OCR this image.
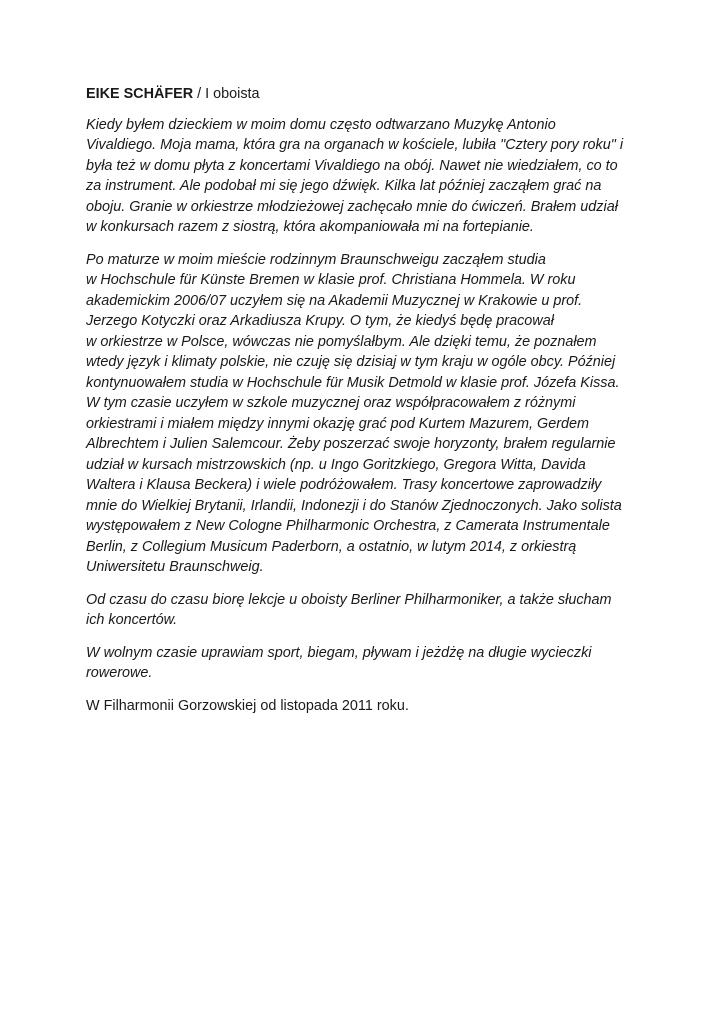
EIKE SCHÄFER / I oboista

Kiedy byłem dzieckiem w moim domu często odtwarzano Muzykę Antonio
Vivaldiego. Moja mama, która gra na organach w kościele, lubiła "Cztery pory roku" i
była też w domu płyta z koncertami Vivaldiego na obój. Nawet nie wiedziałem, co to
za instrument. Ale podobał mi się jego dźwięk. Kilka lat później zacząłem grać na
oboju. Granie w orkiestrze młodzieżowej zachęcało mnie do ćwiczeń. Brałem udział
w konkursach razem z siostrą, która akompaniowała mi na fortepianie.

Po maturze w moim mieście rodzinnym Braunschweigu zacząłem studia
w Hochschule für Künste Bremen w klasie prof. Christiana Hommela. W roku
akademickim 2006/07 uczyłem się na Akademii Muzycznej w Krakowie u prof.
Jerzego Kotyczki oraz Arkadiusza Krupy. O tym, że kiedyś będę pracował
w orkiestrze w Polsce, wówczas nie pomyślałbym. Ale dzięki temu, że poznałem
wtedy język i klimaty polskie, nie czuję się dzisiaj w tym kraju w ogóle obcy. Później
kontynuowałem studia w Hochschule für Musik Detmold w klasie prof. Józefa Kissa.
W tym czasie uczyłem w szkole muzycznej oraz współpracowałem z różnymi
orkiestrami i miałem między innymi okazję grać pod Kurtem Mazurem, Gerdem
Albrechtem i Julien Salemcour. Żeby poszerzać swoje horyzonty, brałem regularnie
udział w kursach mistrzowskich (np. u Ingo Goritzkiego, Gregora Witta, Davida
Waltera i Klausa Beckera) i wiele podróżowałem. Trasy koncertowe zaprowadziły
mnie do Wielkiej Brytanii, Irlandii, Indonezji i do Stanów Zjednoczonych. Jako solista
występowałem z New Cologne Philharmonic Orchestra, z Camerata Instrumentale
Berlin, z Collegium Musicum Paderborn, a ostatnio, w lutym 2014, z orkiestrą
Uniwersitetu Braunschweig.

Od czasu do czasu biorę lekcje u oboisty Berliner Philharmoniker, a także słucham
ich koncertów.

W wolnym czasie uprawiam sport, biegam, pływam i jeżdżę na długie wycieczki
rowerowe.

W Filharmonii Gorzowskiej od listopada 2011 roku.
